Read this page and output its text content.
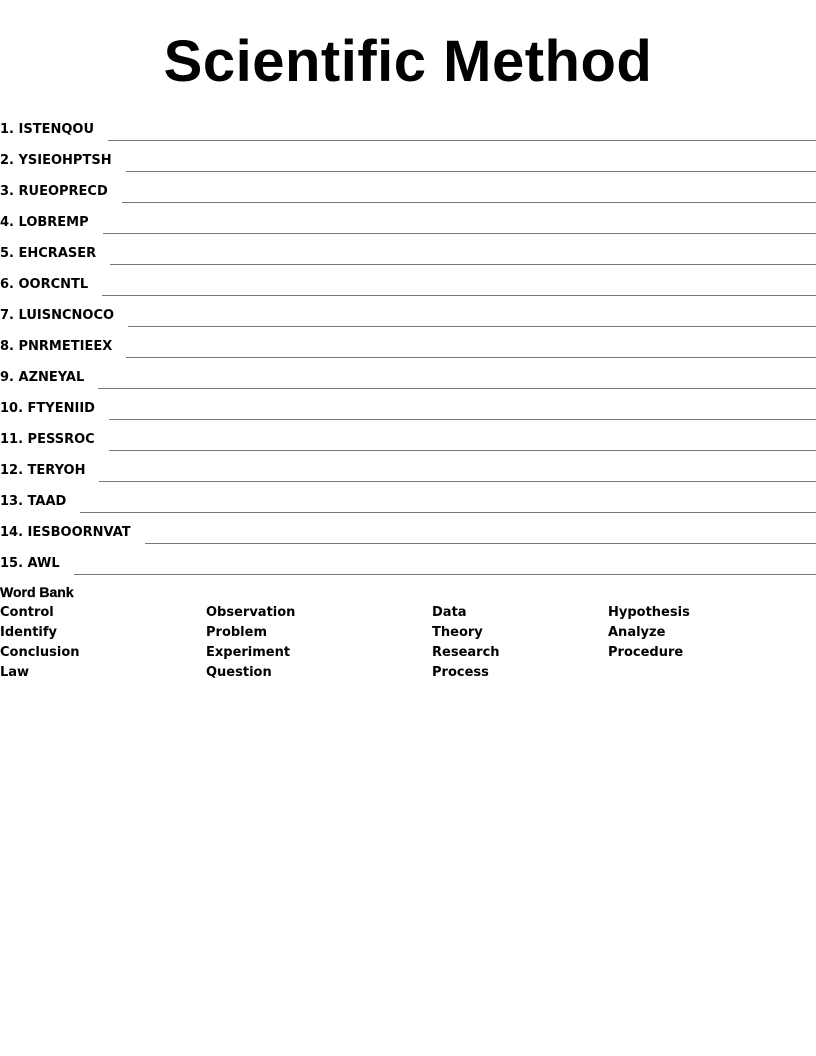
Scientific Method
1. ISTENQOU
2. YSIEOHPTSH
3. RUEOPRECD
4. LOBREMP
5. EHCRASER
6. OORCNTL
7. LUISNCNOCO
8. PNRMETIEEX
9. AZNEYAL
10. FTYENIID
11. PESSROC
12. TERYOH
13. TAAD
14. IESBOORNVAT
15. AWL
Word Bank
Control	Observation	Data	Hypothesis
Identify	Problem	Theory	Analyze
Conclusion	Experiment	Research	Procedure
Law	Question	Process
